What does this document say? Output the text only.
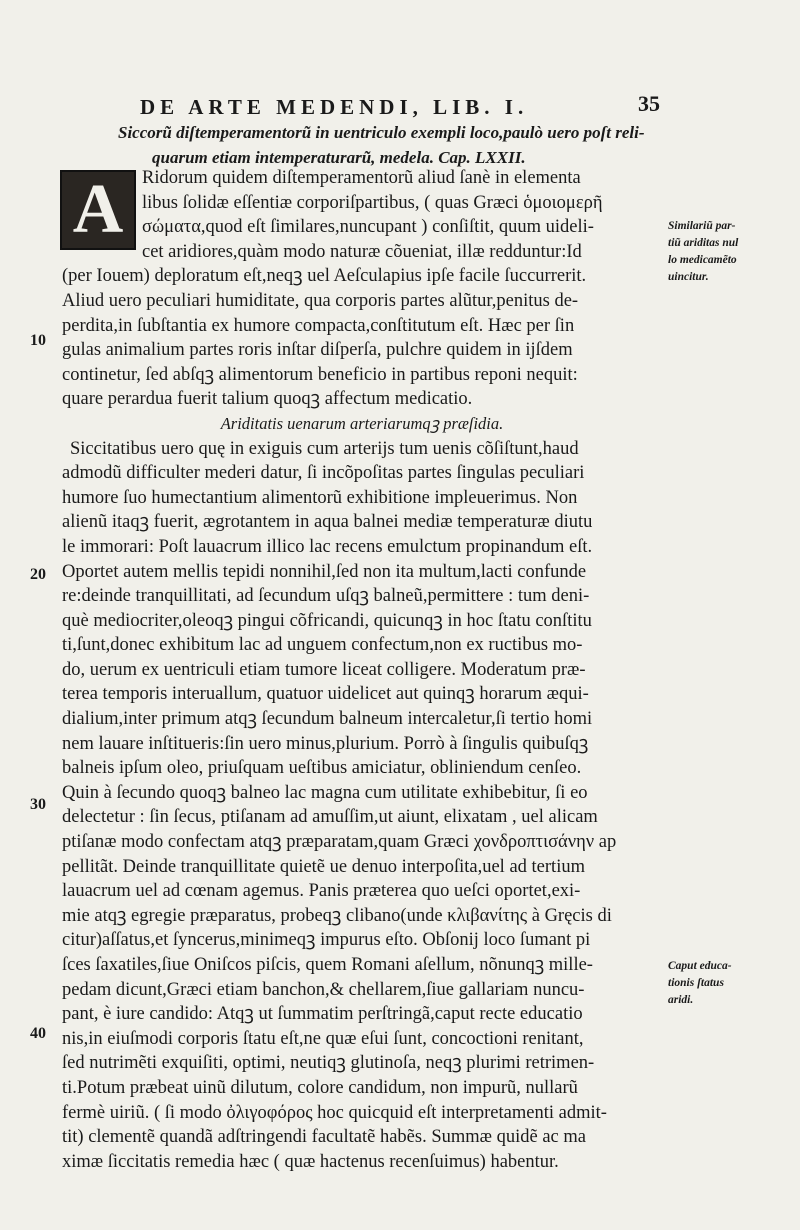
DE ARTE MEDENDI, LIB. I.	35
Siccorũ diſtemperamentorũ in uentriculo exempli loco,paulò uero poſt reli-
quarum etiam intemperaturarũ, medela. Cap. LXXII.
A	Ridorum quidem diſtemperamentorũ aliud ſanè in elementa
libus ſolidæ eſſentiæ corporiſpartibus, ( quas Græci ὁμοιομερῆ
σώματα,quod eſt ſimilares,nuncupant ) conſiſtit, quum uideli-
cet aridiores,quàm modo naturæ cõueniat, illæ redduntur:Id
(per Iouem) deploratum eſt,neqꝫ uel Aeſculapius ipſe facile ſuccurrerit.
Aliud uero peculiari humiditate, qua corporis partes alũtur,penitus de-
perdita,in ſubſtantia ex humore compacta,conſtitutum eſt. Hæc per ſin
gulas animalium partes roris inſtar diſperſa, pulchre quidem in ĳſdem
continetur, ſed abſqꝫ alimentorum beneficio in partibus reponi nequit:
quare perardua fuerit talium quoqꝫ affectum medicatio.
Ariditatis uenarum arteriarumqꝫ præſidia.
Siccitatibus uero quę in exiguis cum arterĳs tum uenis cõſiſtunt,haud
admodũ difficulter mederi datur, ſi incõpoſitas partes ſingulas peculiari
humore ſuo humectantium alimentorũ exhibitione impleuerimus. Non
alienũ itaqꝫ fuerit, ægrotantem in aqua balnei mediæ temperaturæ diutu
le immorari: Poſt lauacrum illico lac recens emulctum propinandum eſt.
Oportet autem mellis tepidi nonnihil,ſed non ita multum,lacti confunde
re:deinde tranquillitati, ad ſecundum uſqꝫ balneũ,permittere : tum deni-
què mediocriter,oleoqꝫ pingui cõfricandi, quicunqꝫ in hoc ſtatu conſtitu
ti,ſunt,donec exhibitum lac ad unguem confectum,non ex ructibus mo-
do, uerum ex uentriculi etiam tumore liceat colligere. Moderatum præ-
terea temporis interuallum, quatuor uidelicet aut quinqꝫ horarum æqui-
dialium,inter primum atqꝫ ſecundum balneum intercaletur,ſi tertio homi
nem lauare inſtitueris:ſin uero minus,plurium. Porrò à ſingulis quibuſqꝫ
balneis ipſum oleo, priuſquam ueſtibus amiciatur, obliniendum cenſeo.
Quin à ſecundo quoqꝫ balneo lac magna cum utilitate exhibebitur, ſi eo
delectetur : ſin ſecus, ptiſanam ad amuſſim,ut aiunt, elixatam , uel alicam
ptiſanæ modo confectam atqꝫ præparatam,quam Græci χονδροπτισάνην ap
pellitãt. Deinde tranquillitate quietẽ ue denuo interpoſita,uel ad tertium
lauacrum uel ad cœnam agemus. Panis prætereа quo ueſci oportet,exi-
mie atqꝫ egregie præparatus, probeqꝫ clibano(unde κλιβανίτης à Gręcis di
citur)aſſatus,et ſyncerus,minimeqꝫ impurus eſto. Obſonĳ loco ſumant pi
ſces ſaxatiles,ſiue Oniſcos piſcis, quem Romani aſellum, nõnunqꝫ mille-
pedam dicunt,Græci etiam banchon,& chellarem,ſiue gallariam nuncu-
pant, è iure candido: Atqꝫ ut ſummatim perſtringã,caput recte educatio
nis,in eiuſmodi corporis ſtatu eſt,ne quæ eſui ſunt, concoctioni renitant,
ſed nutrimẽti exquiſiti, optimi, neutiqꝫ glutinoſa, neqꝫ plurimi retrimen-
ti.Potum præbeat uinũ dilutum, colore candidum, non impurũ, nullarũ
fermè uiriũ. ( ſi modo ὀλιγοφόρος hoc quicquid eſt interpretamenti admit-
tit) clementẽ quandã adſtringendi facultatẽ habẽs. Summæ quidẽ ac ma
ximæ ſiccitatis remedia hæc ( quæ hactenus recenſuimus) habentur.
Similariũ par-
tiũ ariditas nul
lo medicamẽto
uincitur.
Caput educa-
tionis ſtatus
aridi.
10
20
30
40
